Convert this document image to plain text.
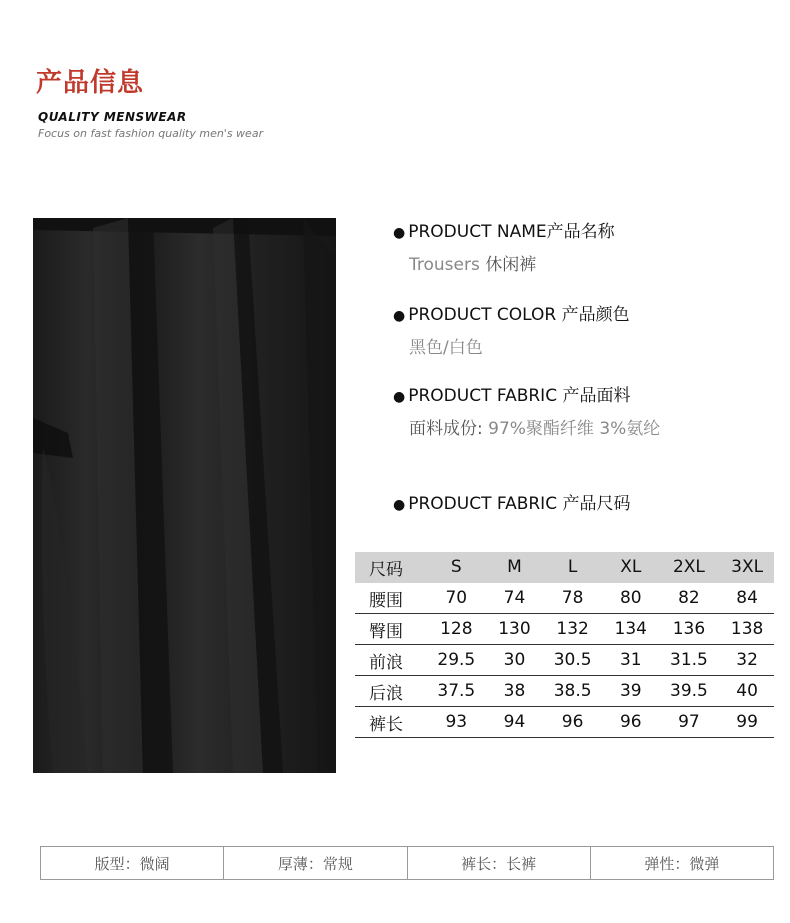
产品信息
QUALITY MENSWEAR
Focus on fast fashion quality men's wear
● PRODUCT NAME产品名称
Trousers 休闲裤
● PRODUCT COLOR 产品颜色
黑色/白色
● PRODUCT FABRIC 产品面料
面料成份: 97%聚酯纤维 3%氨纶
● PRODUCT FABRIC 产品尺码
尺码	S	M	L	XL	2XL	3XL
腰围	70	74	78	80	82	84
臀围	128	130	132	134	136	138
前浪	29.5	30	30.5	31	31.5	32
后浪	37.5	38	38.5	39	39.5	40
裤长	93	94	96	96	97	99
版型：微阔	厚薄：常规	裤长：长裤	弹性：微弹
